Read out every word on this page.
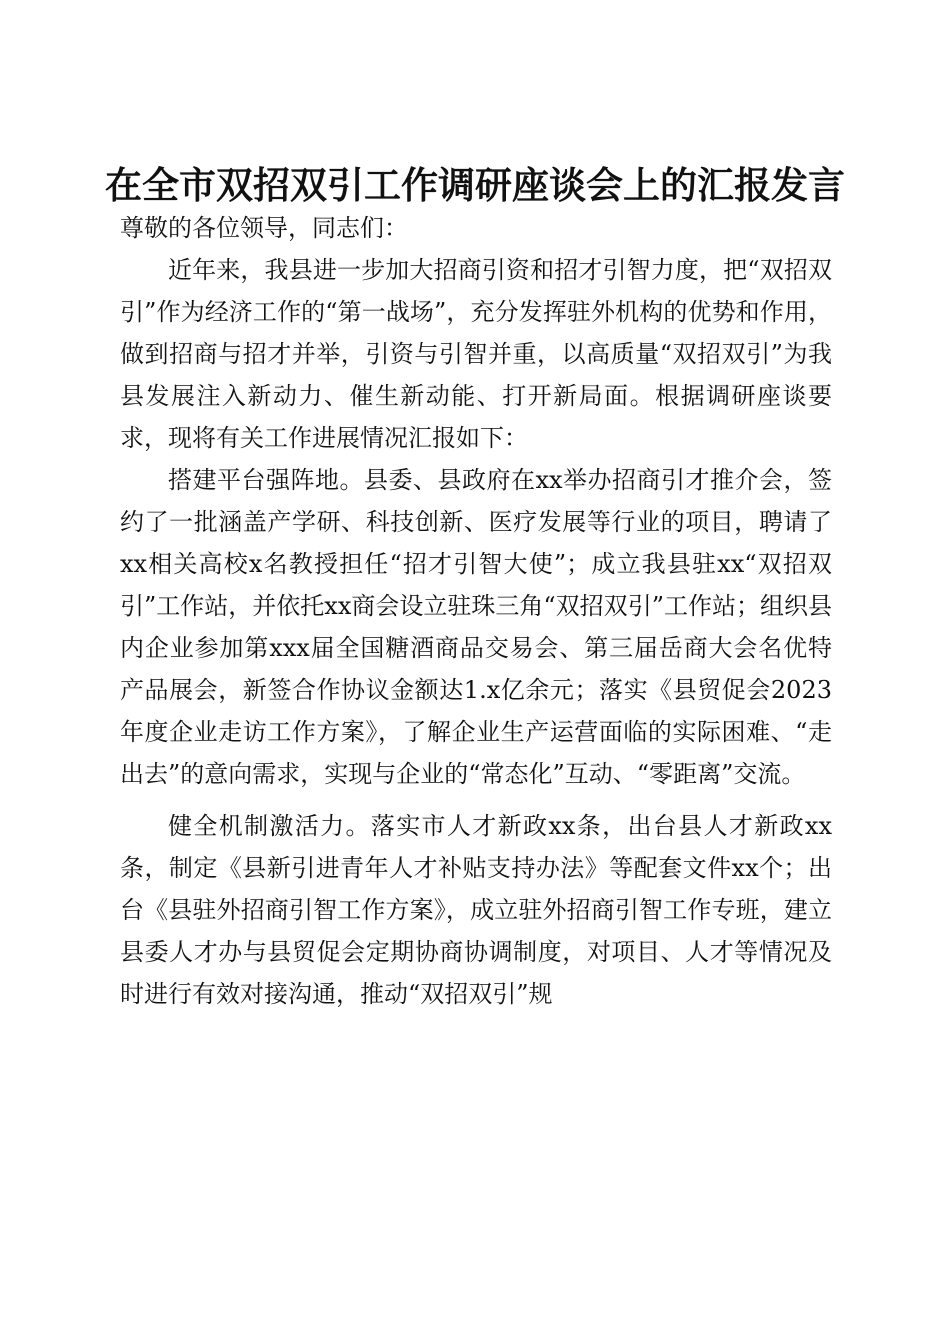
在全市双招双引工作调研座谈会上的汇报发言

尊敬的各位领导，同志们：

近年来，我县进一步加大招商引资和招才引智力度，把“双招双引”作为经济工作的“第一战场”，充分发挥驻外机构的优势和作用，做到招商与招才并举，引资与引智并重，以高质量“双招双引”为我县发展注入新动力、催生新动能、打开新局面。根据调研座谈要求，现将有关工作进展情况汇报如下：

搭建平台强阵地。县委、县政府在xx举办招商引才推介会，签约了一批涵盖产学研、科技创新、医疗发展等行业的项目，聘请了xx相关高校x名教授担任“招才引智大使”；成立我县驻xx“双招双引”工作站，并依托xx商会设立驻珠三角“双招双引”工作站；组织县内企业参加第xxx届全国糖酒商品交易会、第三届岳商大会名优特产品展会，新签合作协议金额达1.x亿余元；落实《县贸促会2023年度企业走访工作方案》，了解企业生产运营面临的实际困难、“走出去”的意向需求，实现与企业的“常态化”互动、“零距离”交流。

健全机制激活力。落实市人才新政xx条，出台县人才新政xx条，制定《县新引进青年人才补贴支持办法》等配套文件xx个；出台《县驻外招商引智工作方案》，成立驻外招商引智工作专班，建立县委人才办与县贸促会定期协商协调制度，对项目、人才等情况及时进行有效对接沟通，推动“双招双引”规
